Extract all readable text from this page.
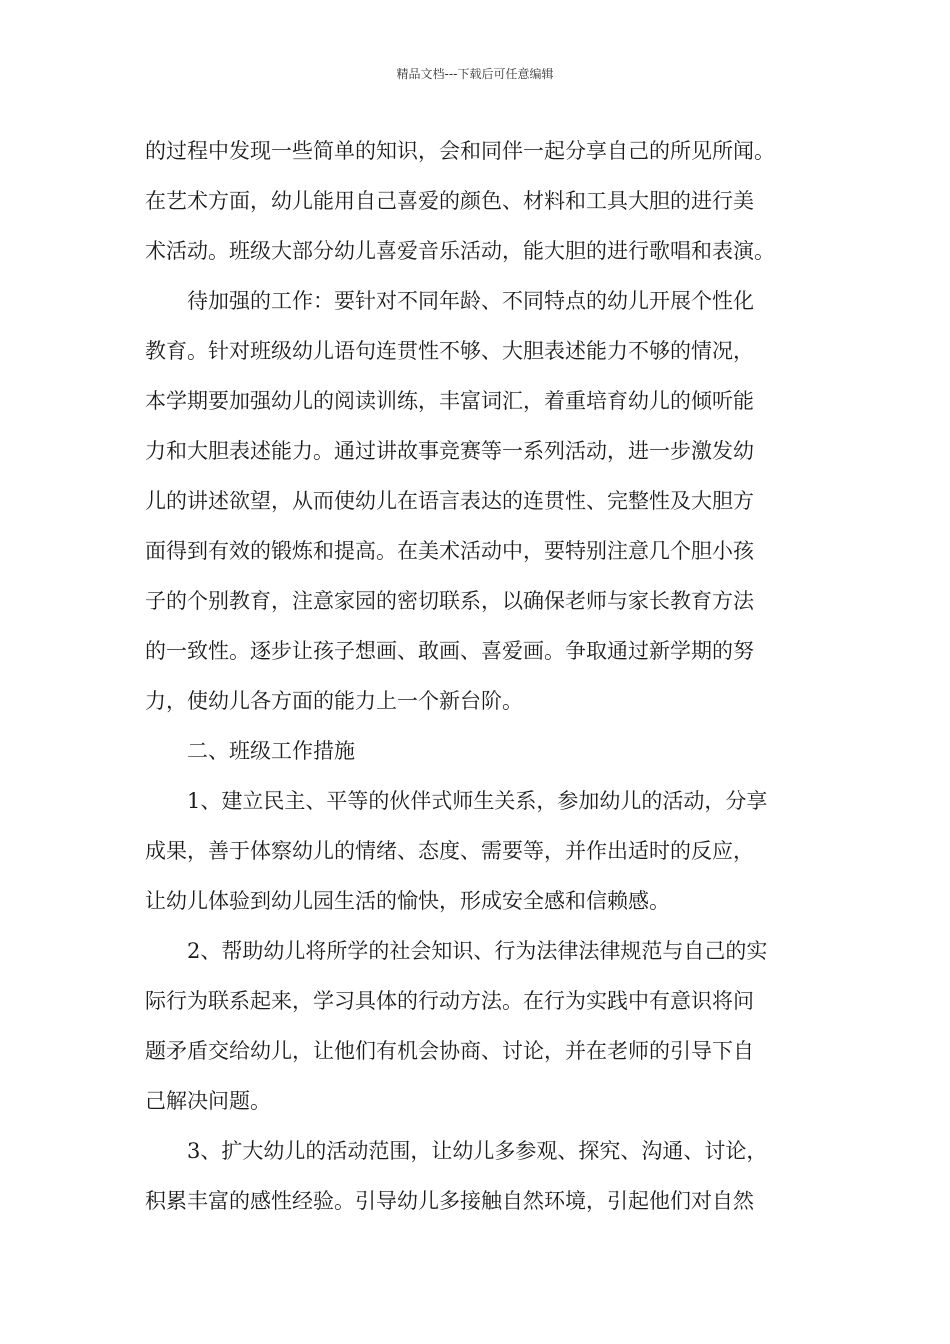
精品文档---下载后可任意编辑
的过程中发现一些简单的知识，会和同伴一起分享自己的所见所闻。
在艺术方面，幼儿能用自己喜爱的颜色、材料和工具大胆的进行美
术活动。班级大部分幼儿喜爱音乐活动，能大胆的进行歌唱和表演。
待加强的工作：要针对不同年龄、不同特点的幼儿开展个性化
教育。针对班级幼儿语句连贯性不够、大胆表述能力不够的情况，
本学期要加强幼儿的阅读训练，丰富词汇，着重培育幼儿的倾听能
力和大胆表述能力。通过讲故事竞赛等一系列活动，进一步激发幼
儿的讲述欲望，从而使幼儿在语言表达的连贯性、完整性及大胆方
面得到有效的锻炼和提高。在美术活动中，要特别注意几个胆小孩
子的个别教育，注意家园的密切联系，以确保老师与家长教育方法
的一致性。逐步让孩子想画、敢画、喜爱画。争取通过新学期的努
力，使幼儿各方面的能力上一个新台阶。
二、班级工作措施
1、建立民主、平等的伙伴式师生关系，参加幼儿的活动，分享
成果，善于体察幼儿的情绪、态度、需要等，并作出适时的反应，
让幼儿体验到幼儿园生活的愉快，形成安全感和信赖感。
2、帮助幼儿将所学的社会知识、行为法律法律规范与自己的实
际行为联系起来，学习具体的行动方法。在行为实践中有意识将问
题矛盾交给幼儿，让他们有机会协商、讨论，并在老师的引导下自
己解决问题。
3、扩大幼儿的活动范围，让幼儿多参观、探究、沟通、讨论，
积累丰富的感性经验。引导幼儿多接触自然环境，引起他们对自然
